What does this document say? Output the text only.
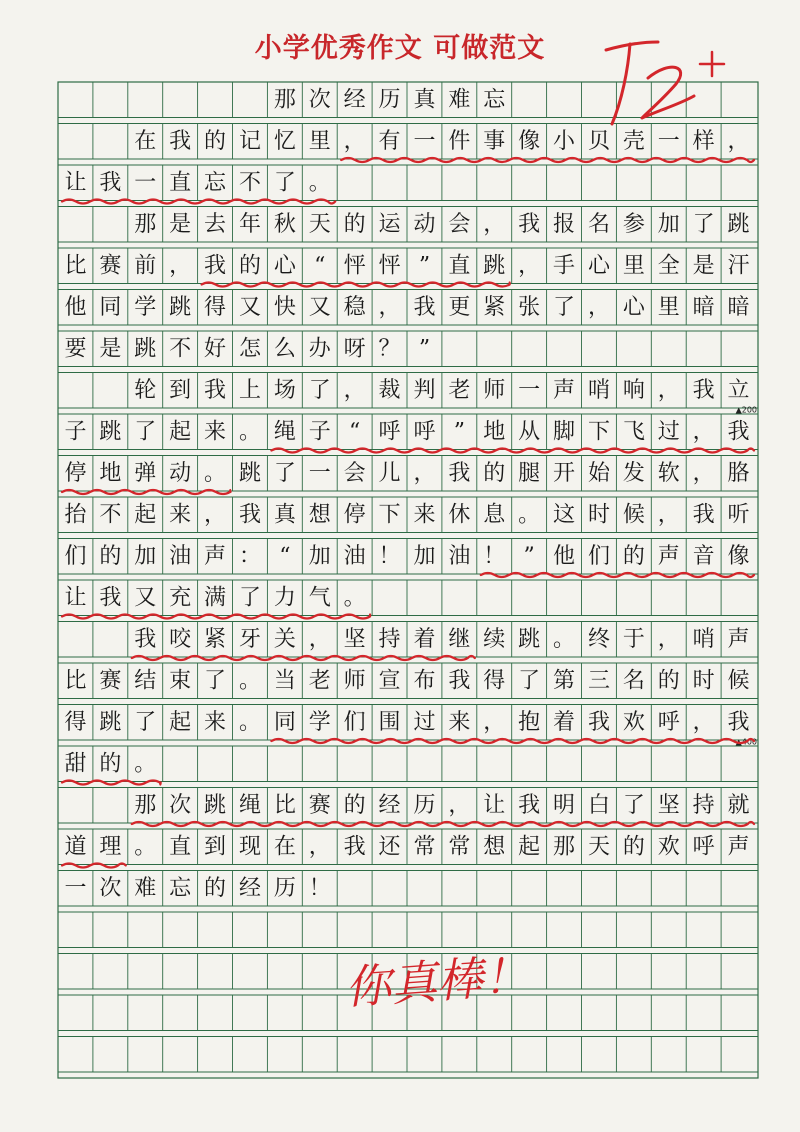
小学优秀作文 可做范文
那 次 经 历 真 难 忘
在 我 的 记 忆 里 ， 有 一 件 事 像 小 贝 壳 一 样 ，
让 我 一 直 忘 不 了 。
那 是 去 年 秋 天 的 运 动 会 ， 我 报 名 参 加 了 跳
比 赛 前 ， 我 的 心 “ 怦 怦 ” 直 跳 ， 手 心 里 全 是 汗
他 同 学 跳 得 又 快 又 稳 ， 我 更 紧 张 了 ， 心 里 暗 暗
要 是 跳 不 好 怎 么 办 呀 ？ ”
轮 到 我 上 场 了 ， 裁 判 老 师 一 声 哨 响 ， 我 立
子 跳 了 起 来 。 绳 子 “ 呼 呼 ” 地 从 脚 下 飞 过 ， 我
停 地 弹 动 。 跳 了 一 会 儿 ， 我 的 腿 开 始 发 软 ， 胳
抬 不 起 来 ， 我 真 想 停 下 来 休 息 。 这 时 候 ， 我 听
们 的 加 油 声 ： “ 加 油 ！ 加 油 ！ ” 他 们 的 声 音 像
让 我 又 充 满 了 力 气 。
我 咬 紧 牙 关 ， 坚 持 着 继 续 跳 。 终 于 ， 哨 声
比 赛 结 束 了 。 当 老 师 宣 布 我 得 了 第 三 名 的 时 候
得 跳 了 起 来 。 同 学 们 围 过 来 ， 抱 着 我 欢 呼 ， 我
甜 的 。
那 次 跳 绳 比 赛 的 经 历 ， 让 我 明 白 了 坚 持 就
道 理 。 直 到 现 在 ， 我 还 常 常 想 起 那 天 的 欢 呼 声
一 次 难 忘 的 经 历 ！
▲200
▲400
你真棒！
